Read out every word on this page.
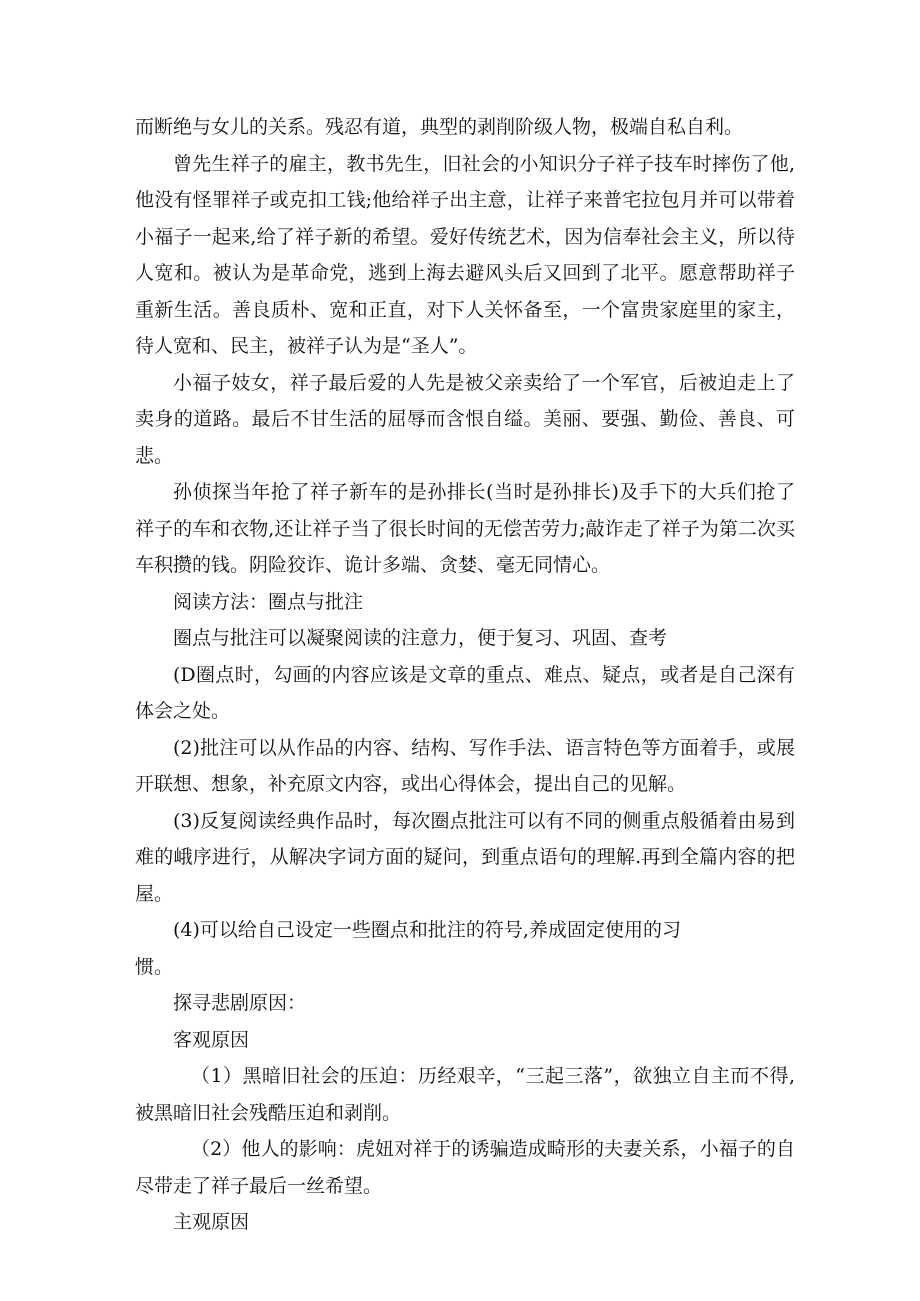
而断绝与女儿的关系。残忍有道，典型的剥削阶级人物，极端自私自利。

曾先生祥子的雇主，教书先生，旧社会的小知识分子祥子技车时摔伤了他,他没有怪罪祥子或克扣工钱;他给祥子出主意，让祥子来普宅拉包月并可以带着小福子一起来,给了祥子新的希望。爱好传统艺术，因为信奉社会主义，所以待人宽和。被认为是革命党，逃到上海去避风头后又回到了北平。愿意帮助祥子重新生活。善良质朴、宽和正直，对下人关怀备至，一个富贵家庭里的家主，待人宽和、民主，被祥子认为是“圣人”。

小福子妓女，祥子最后爱的人先是被父亲卖给了一个军官，后被迫走上了卖身的道路。最后不甘生活的屈辱而含恨自缢。美丽、要强、勤俭、善良、可悲。

孙侦探当年抢了祥子新车的是孙排长(当时是孙排长)及手下的大兵们抢了祥子的车和衣物,还让祥子当了很长时间的无偿苦劳力;敲诈走了祥子为第二次买车积攒的钱。阴险狡诈、诡计多端、贪婪、毫无同情心。

阅读方法：圈点与批注

圈点与批注可以凝聚阅读的注意力，便于复习、巩固、查考

(D圈点时，勾画的内容应该是文章的重点、难点、疑点，或者是自己深有体会之处。

(2)批注可以从作品的内容、结构、写作手法、语言特色等方面着手，或展开联想、想象，补充原文内容，或出心得体会，提出自己的见解。

(3)反复阅读经典作品时，每次圈点批注可以有不同的侧重点般循着由易到难的峨序进行，从解决字词方面的疑问，到重点语句的理解.再到全篇内容的把屋。

(4)可以给自己设定一些圈点和批注的符号,养成固定使用的习

惯。

探寻悲剧原因：

客观原因

（1）黑暗旧社会的压迫：历经艰辛，“三起三落”，欲独立自主而不得,被黑暗旧社会残酷压迫和剥削。

（2）他人的影响：虎妞对祥于的诱骗造成畸形的夫妻关系，小福子的自尽带走了祥子最后一丝希望。

主观原因
